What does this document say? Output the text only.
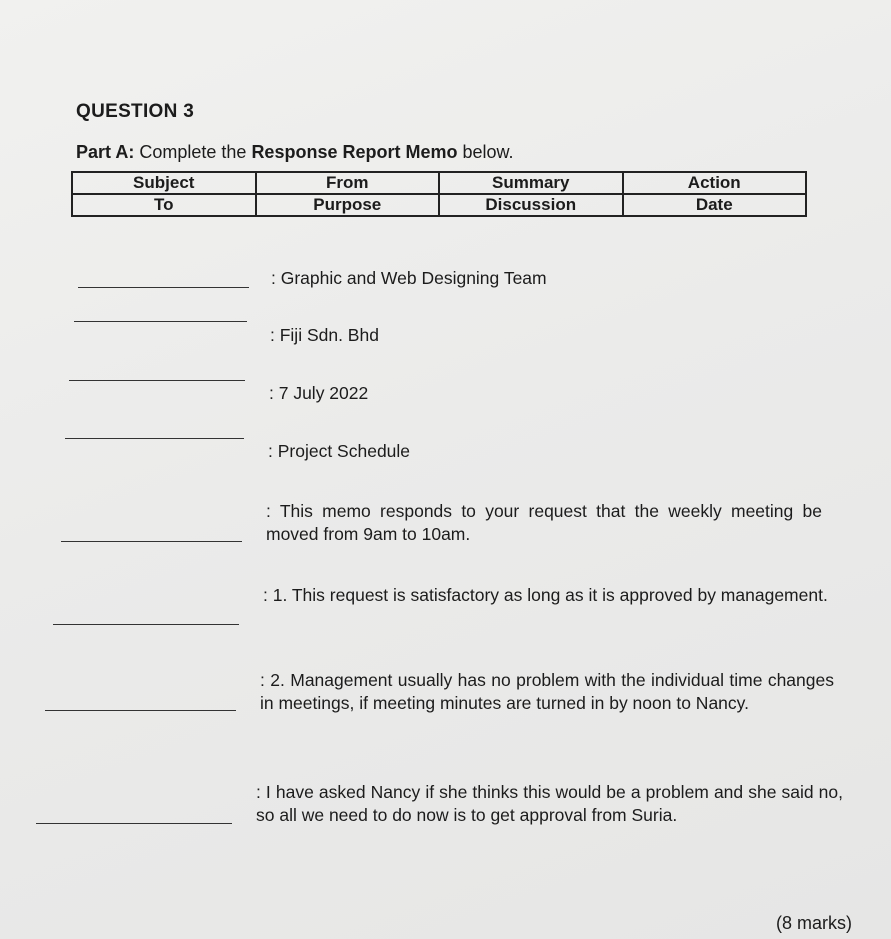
QUESTION 3
Part A: Complete the Response Report Memo below.
Subject	From	Summary	Action
To	Purpose	Discussion	Date
: Graphic and Web Designing Team
: Fiji Sdn. Bhd
: 7 July 2022
: Project Schedule
: This memo responds to your request that the weekly meeting be moved from 9am to 10am.
: 1. This request is satisfactory as long as it is approved by management.
: 2. Management usually has no problem with the individual time changes in meetings, if meeting minutes are turned in by noon to Nancy.
: I have asked Nancy if she thinks this would be a problem and she said no, so all we need to do now is to get approval from Suria.
(8 marks)
